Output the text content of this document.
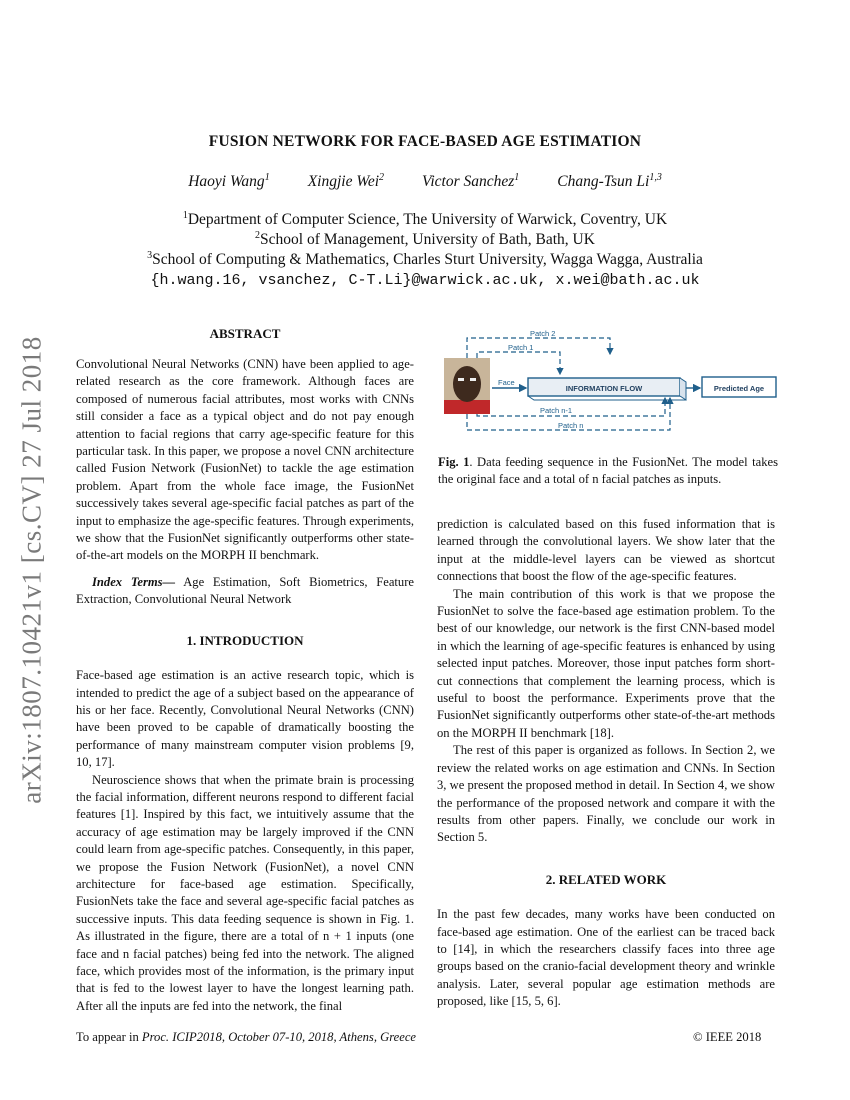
arXiv:1807.10421v1 [cs.CV] 27 Jul 2018
FUSION NETWORK FOR FACE-BASED AGE ESTIMATION
Haoyi Wang$^1$ Xingjie Wei$^2$ Victor Sanchez$^1$ Chang-Tsun Li$^{1,3}$
$^1$Department of Computer Science, The University of Warwick, Coventry, UK
$^2$School of Management, University of Bath, Bath, UK
$^3$School of Computing & Mathematics, Charles Sturt University, Wagga Wagga, Australia
{h.wang.16, vsanchez, C-T.Li}@warwick.ac.uk, x.wei@bath.ac.uk
ABSTRACT

Convolutional Neural Networks (CNN) have been applied to age-related research as the core framework. Although faces are composed of numerous facial attributes, most works with CNNs still consider a face as a typical object and do not pay enough attention to facial regions that carry age-specific feature for this particular task. In this paper, we propose a novel CNN architecture called Fusion Network (FusionNet) to tackle the age estimation problem. Apart from the whole face image, the FusionNet successively takes several age-specific facial patches as part of the input to emphasize the age-specific features. Through experiments, we show that the FusionNet significantly outperforms other state-of-the-art models on the MORPH II benchmark.

Index Terms— Age Estimation, Soft Biometrics, Feature Extraction, Convolutional Neural Network

1. INTRODUCTION

Face-based age estimation is an active research topic, which is intended to predict the age of a subject based on the appearance of his or her face. Recently, Convolutional Neural Networks (CNN) have been proved to be capable of dramatically boosting the performance of many mainstream computer vision problems [9, 10, 17].

Neuroscience shows that when the primate brain is processing the facial information, different neurons respond to different facial features [1]. Inspired by this fact, we intuitively assume that the accuracy of age estimation may be largely improved if the CNN could learn from age-specific patches. Consequently, in this paper, we propose the Fusion Network (FusionNet), a novel CNN architecture for face-based age estimation. Specifically, FusionNets take the face and several age-specific facial patches as successive inputs. This data feeding sequence is shown in Fig. 1. As illustrated in the figure, there are a total of n + 1 inputs (one face and n facial patches) being fed into the network. The aligned face, which provides most of the information, is the primary input that is fed to the lowest layer to have the longest learning path. After all the inputs are fed into the network, the final

Patch 2
Patch 1
Face
INFORMATION FLOW	Predicted Age
Patch n-1
Patch n
Fig. 1. Data feeding sequence in the FusionNet. The model takes the original face and a total of n facial patches as inputs.

prediction is calculated based on this fused information that is learned through the convolutional layers. We show later that the input at the middle-level layers can be viewed as shortcut connections that boost the flow of the age-specific features.

The main contribution of this work is that we propose the FusionNet to solve the face-based age estimation problem. To the best of our knowledge, our network is the first CNN-based model in which the learning of age-specific features is enhanced by using selected input patches. Moreover, those input patches form short-cut connections that complement the learning process, which is useful to boost the performance. Experiments prove that the FusionNet significantly outperforms other state-of-the-art methods on the MORPH II benchmark [18].

The rest of this paper is organized as follows. In Section 2, we review the related works on age estimation and CNNs. In Section 3, we present the proposed method in detail. In Section 4, we show the performance of the proposed network and compare it with the results from other papers. Finally, we conclude our work in Section 5.

2. RELATED WORK

In the past few decades, many works have been conducted on face-based age estimation. One of the earliest can be traced back to [14], in which the researchers classify faces into three age groups based on the cranio-facial development theory and wrinkle analysis. Later, several popular age estimation methods are proposed, like [15, 5, 6].

To appear in Proc. ICIP2018, October 07-10, 2018, Athens, Greece	© IEEE 2018
